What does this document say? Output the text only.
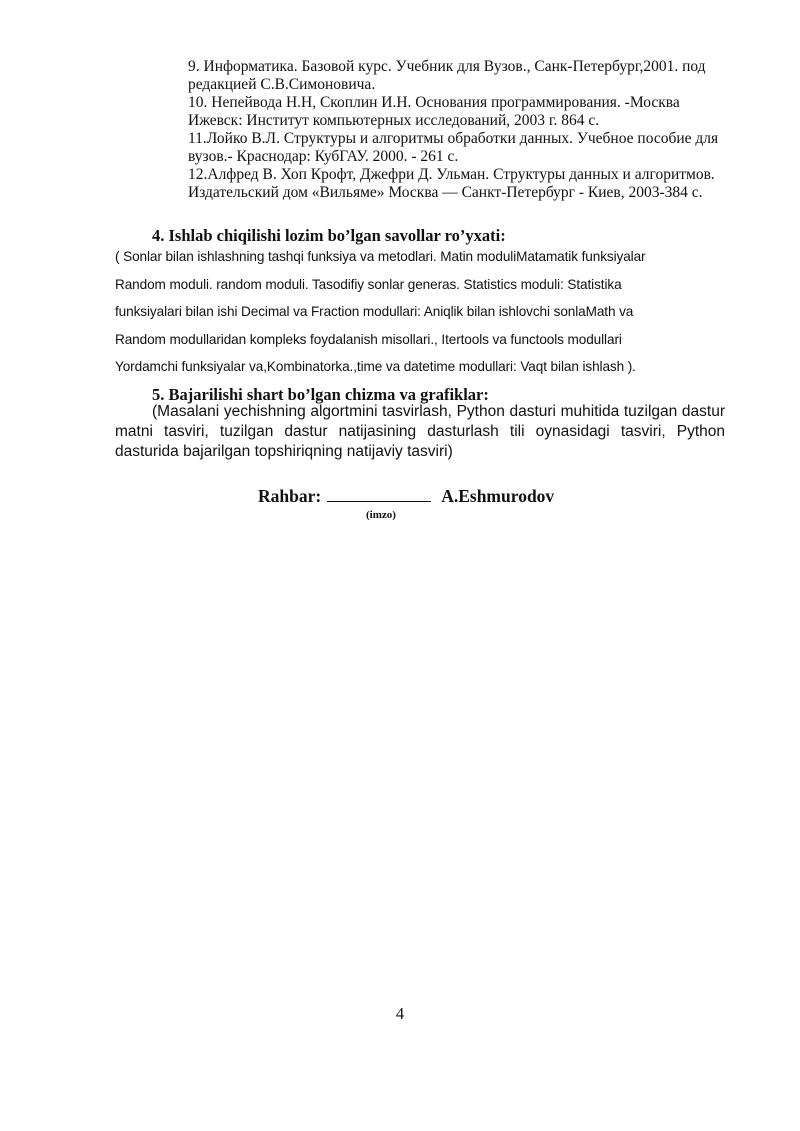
9. Информатика. Базовой курс. Учебник для Вузов., Санк-Петербург,2001. под редакцией С.В.Симоновича.

10. Непейвода Н.Н, Скоплин И.Н. Основания программирования. -Москва Ижевск: Институт компьютерных исследований, 2003 г. 864 с.

11.Лойко В.Л. Структуры и алгоритмы обработки данных. Учебное пособие для вузов.- Краснодар: КубГАУ. 2000. - 261 с.

12.Алфред В. Хоп Крофт, Джефри Д. Ульман. Структуры данных и алгоритмов. Издательский дом «Вильяме» Москва — Санкт-Петербург - Киев, 2003-384 с.

4. Ishlab chiqilishi lozim bo’lgan savollar ro’yxati:

( Sonlar bilan ishlashning tashqi funksiya va metodlari. Matin moduliMatamatik funksiyalar

Random moduli. random moduli. Tasodifiy sonlar generas. Statistics moduli: Statistika

funksiyalari bilan ishi Decimal va Fraction modullari: Aniqlik bilan ishlovchi sonlaMath va

Random modullaridan kompleks foydalanish misollari., Itertools va functools modullari

Yordamchi funksiyalar va,Kombinatorka.,time va datetime modullari: Vaqt bilan ishlash ).

5. Bajarilishi shart bo’lgan chizma va grafiklar:

(Masalani yechishning algortmini tasvirlash, Python dasturi muhitida tuzilgan dastur matni tasviri, tuzilgan dastur natijasining dasturlash tili oynasidagi tasviri, Python dasturida bajarilgan topshiriqning natijaviy tasviri)

Rahbar:	A.Eshmurodov
(imzo)
4
